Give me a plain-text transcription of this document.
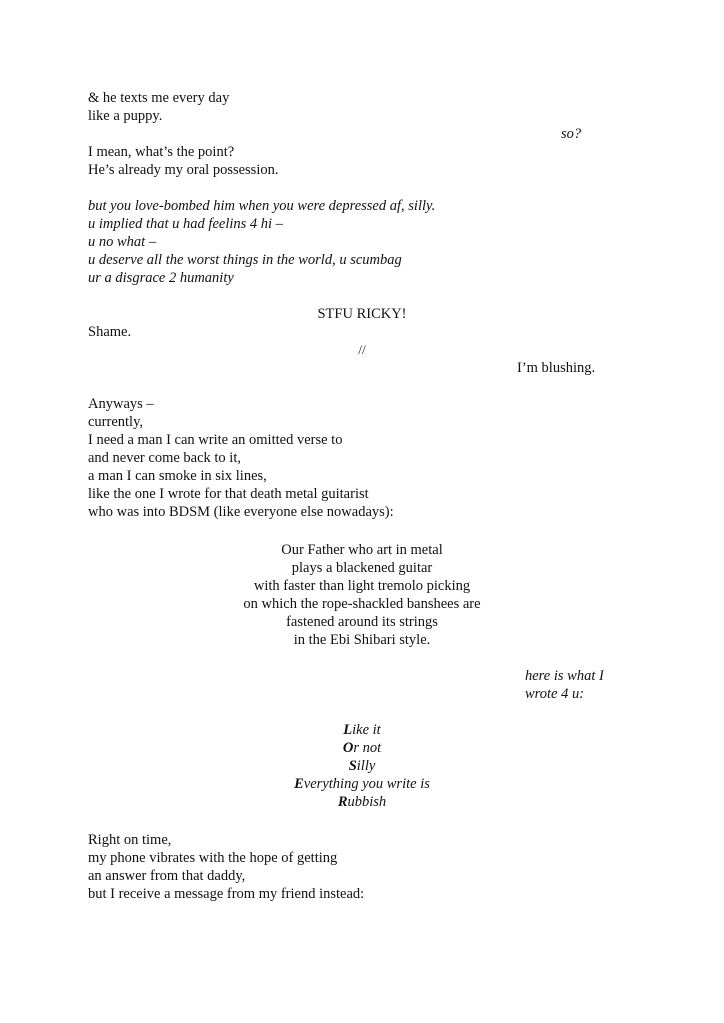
& he texts me every day
like a puppy.
so?
I mean, what’s the point?
He’s already my oral possession.
but you love-bombed him when you were depressed af, silly.
u implied that u had feelins 4 hi –
u no what –
u deserve all the worst things in the world, u scumbag
ur a disgrace 2 humanity
STFU RICKY!
Shame.
//
I’m blushing.
Anyways –
currently,
I need a man I can write an omitted verse to
and never come back to it,
a man I can smoke in six lines,
like the one I wrote for that death metal guitarist
who was into BDSM (like everyone else nowadays):
Our Father who art in metal
plays a blackened guitar
with faster than light tremolo picking
on which the rope-shackled banshees are
fastened around its strings
in the Ebi Shibari style.
here is what I
wrote 4 u:
Like it
Or not
Silly
Everything you write is
Rubbish
Right on time,
my phone vibrates with the hope of getting
an answer from that daddy,
but I receive a message from my friend instead:
